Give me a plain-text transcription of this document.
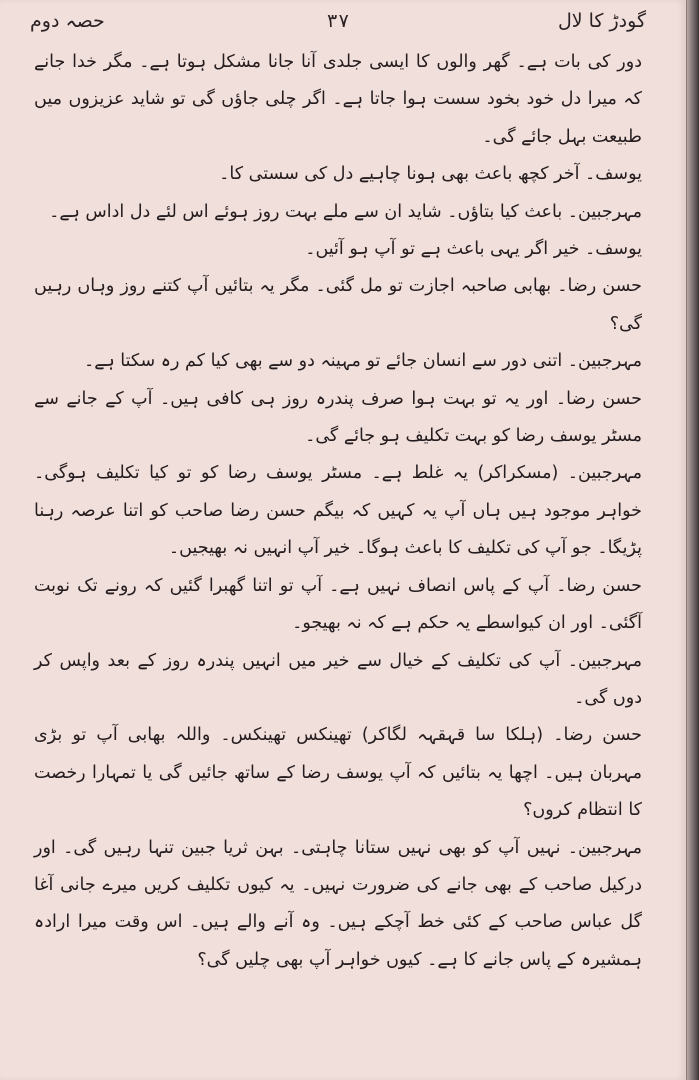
گودڑ کا لال
۳۷
حصہ دوم

دور کی بات ہے۔ گھر والوں کا ایسی جلدی آنا جانا مشکل ہوتا ہے۔ مگر خدا جانے کہ میرا دل خود بخود سست ہوا جاتا ہے۔ اگر چلی جاؤں گی تو شاید عزیزوں میں طبیعت بہل جائے گی۔

یوسف۔ آخر کچھ باعث بھی ہونا چاہیے دل کی سستی کا۔

مہرجبین۔ باعث کیا بتاؤں۔ شاید ان سے ملے بہت روز ہوئے اس لئے دل اداس ہے۔

یوسف۔ خیر اگر یہی باعث ہے تو آپ ہو آئیں۔

حسن رضا۔ بھابی صاحبہ اجازت تو مل گئی۔ مگر یہ بتائیں آپ کتنے روز وہاں رہیں گی؟

مہرجبین۔ اتنی دور سے انسان جائے تو مہینہ دو سے بھی کیا کم رہ سکتا ہے۔

حسن رضا۔ اور یہ تو بہت ہوا صرف پندرہ روز ہی کافی ہیں۔ آپ کے جانے سے مسٹر یوسف رضا کو بہت تکلیف ہو جائے گی۔

مہرجبین۔ (مسکراکر) یہ غلط ہے۔ مسٹر یوسف رضا کو تو کیا تکلیف ہوگی۔ خواہر موجود ہیں ہاں آپ یہ کہیں کہ بیگم حسن رضا صاحب کو اتنا عرصہ رہنا پڑیگا۔ جو آپ کی تکلیف کا باعث ہوگا۔ خیر آپ انہیں نہ بھیجیں۔

حسن رضا۔ آپ کے پاس انصاف نہیں ہے۔ آپ تو اتنا گھبرا گئیں کہ رونے تک نوبت آگئی۔ اور ان کیواسطے یہ حکم ہے کہ نہ بھیجو۔

مہرجبین۔ آپ کی تکلیف کے خیال سے خیر میں انہیں پندرہ روز کے بعد واپس کر دوں گی۔

حسن رضا۔ (ہلکا سا قہقہہ لگاکر) تھینکس تھینکس۔ واللہ بھابی آپ تو بڑی مہربان ہیں۔ اچھا یہ بتائیں کہ آپ یوسف رضا کے ساتھ جائیں گی یا تمہارا رخصت کا انتظام کروں؟

مہرجبین۔ نہیں آپ کو بھی نہیں ستانا چاہتی۔ بہن ثریا جبین تنہا رہیں گی۔ اور درکیل صاحب کے بھی جانے کی ضرورت نہیں۔ یہ کیوں تکلیف کریں میرے جانی آغا گل عباس صاحب کے کئی خط آچکے ہیں۔ وہ آنے والے ہیں۔ اس وقت میرا ارادہ ہمشیرہ کے پاس جانے کا ہے۔ کیوں خواہر آپ بھی چلیں گی؟
